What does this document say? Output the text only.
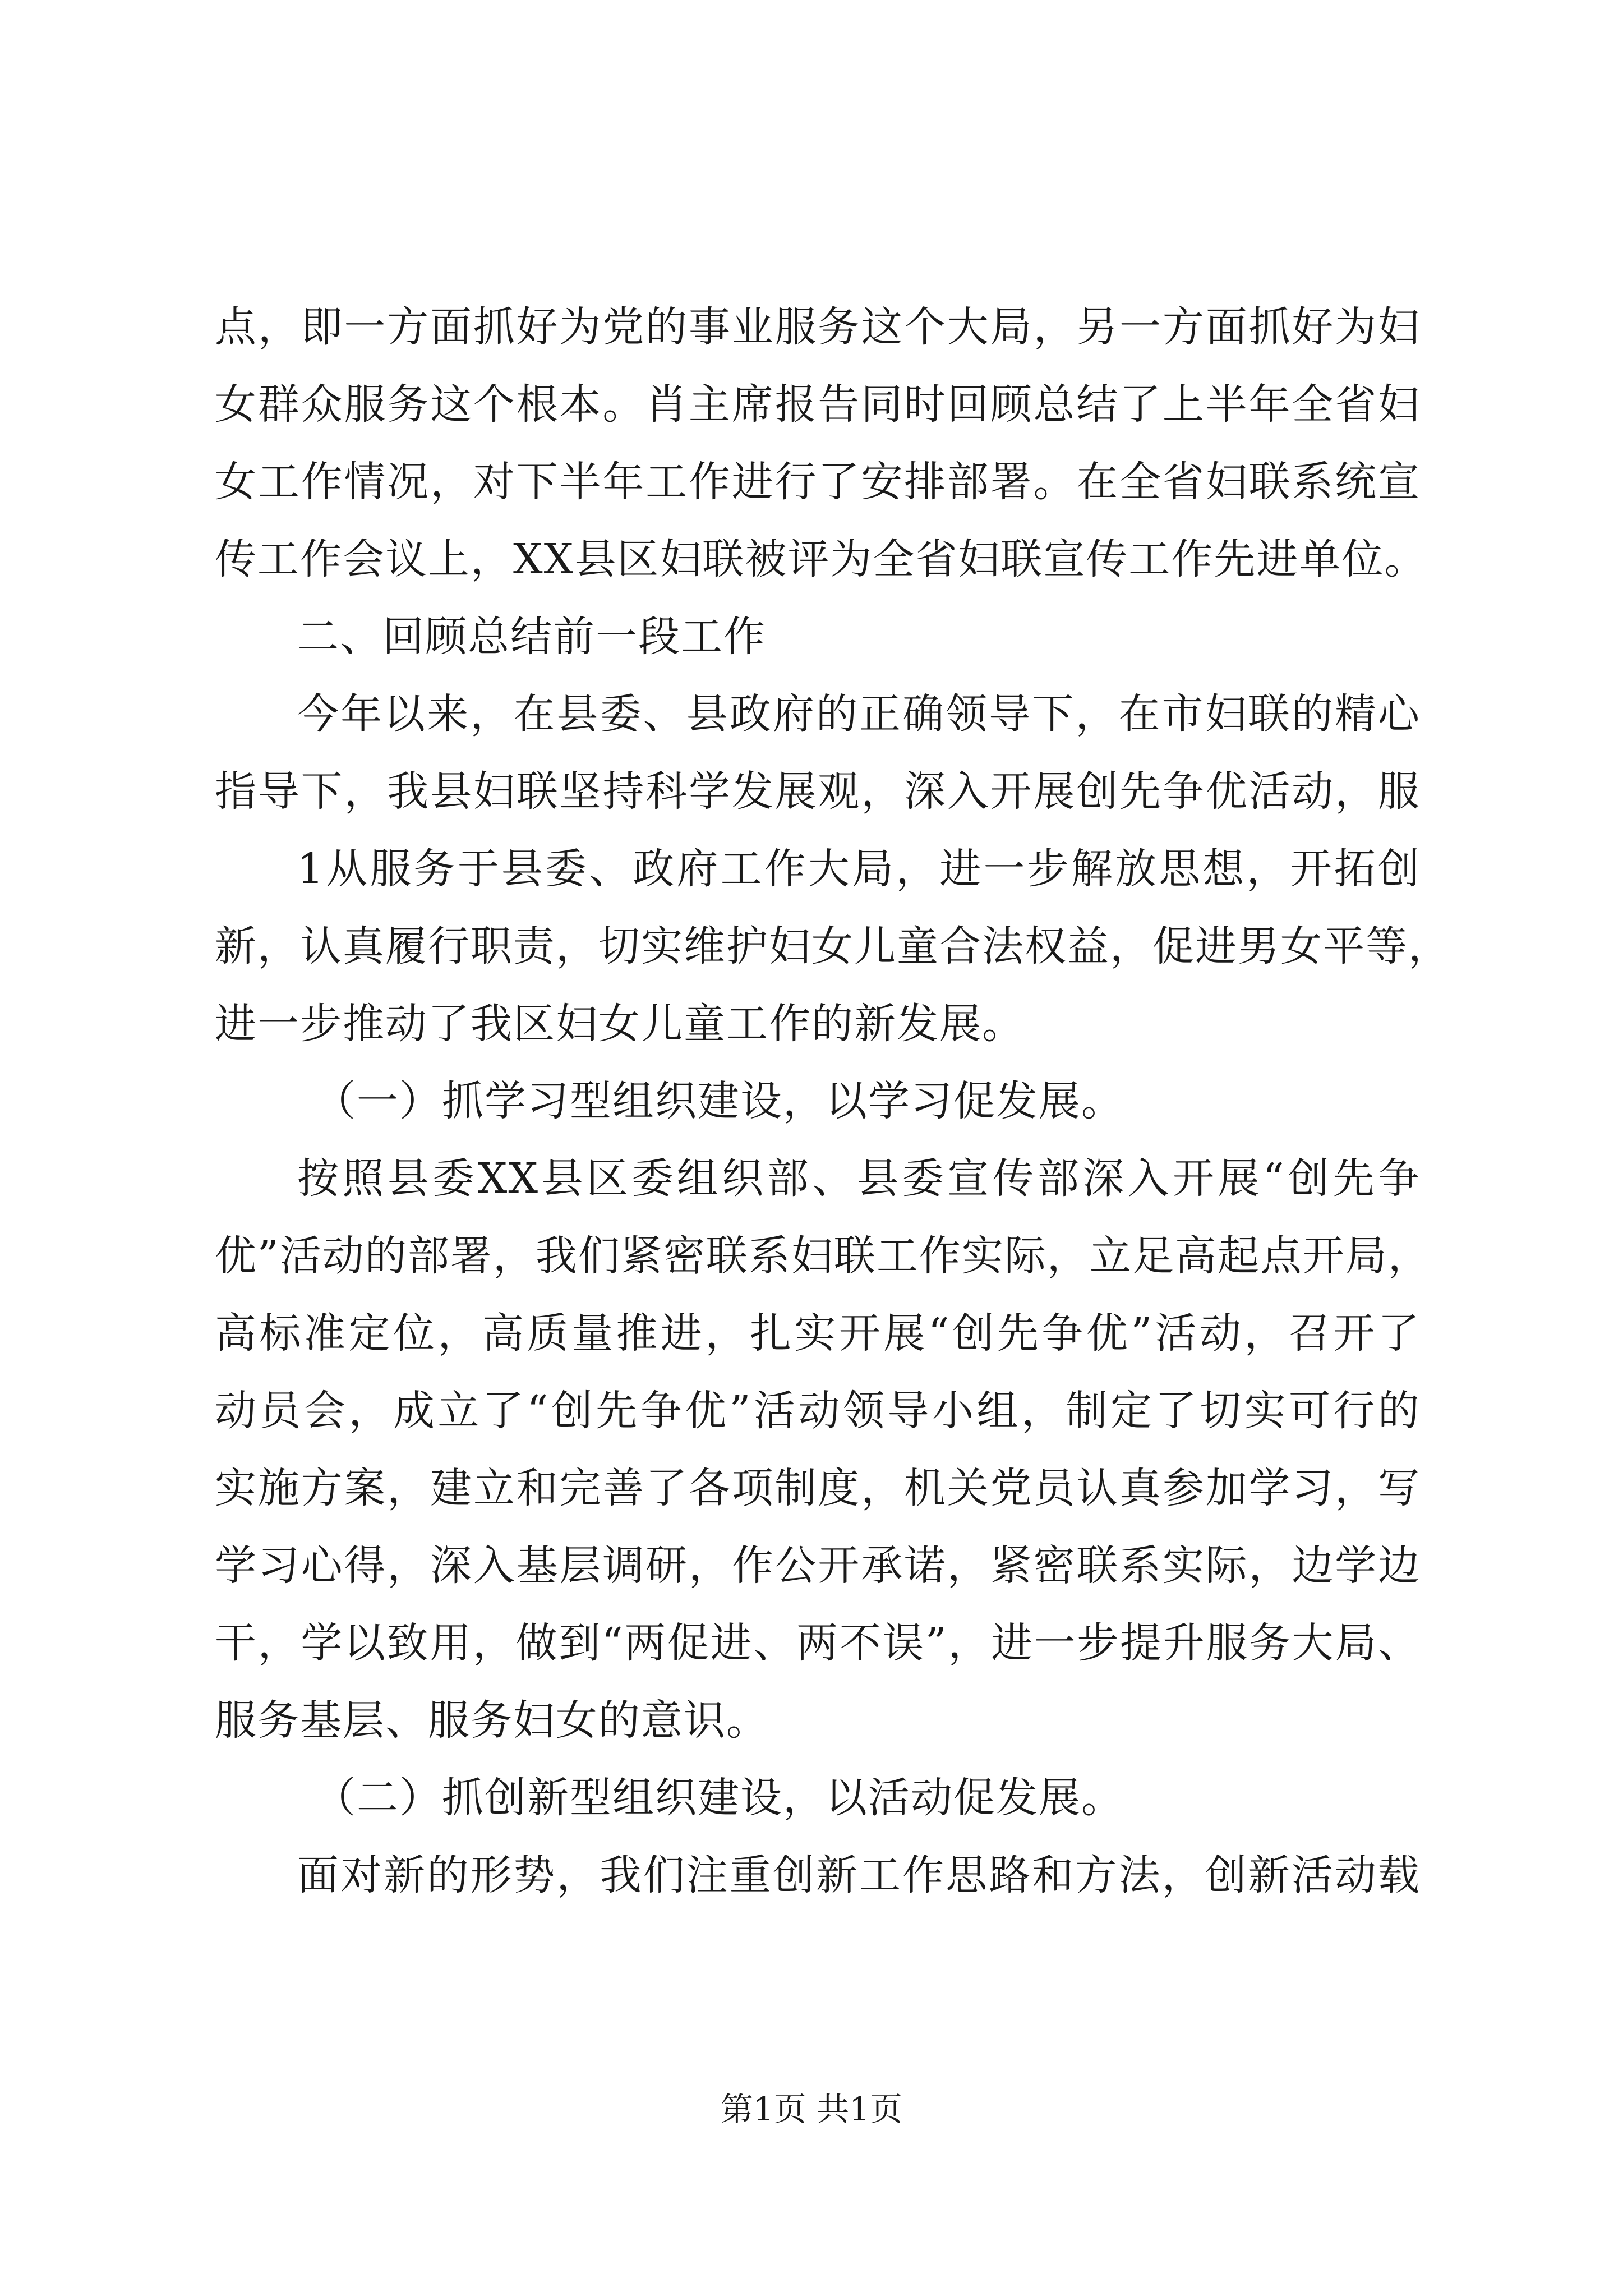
点，即一方面抓好为党的事业服务这个大局，另一方面抓好为妇
女群众服务这个根本。肖主席报告同时回顾总结了上半年全省妇
女工作情况，对下半年工作进行了安排部署。在全省妇联系统宣
传工作会议上，XX县区妇联被评为全省妇联宣传工作先进单位。
二、回顾总结前一段工作
今年以来，在县委、县政府的正确领导下，在市妇联的精心
指导下，我县妇联坚持科学发展观，深入开展创先争优活动，服
1从服务于县委、政府工作大局，进一步解放思想，开拓创
新，认真履行职责，切实维护妇女儿童合法权益，促进男女平等，
进一步推动了我区妇女儿童工作的新发展。
（一）抓学习型组织建设，以学习促发展。
按照县委XX县区委组织部、县委宣传部深入开展“创先争
优”活动的部署，我们紧密联系妇联工作实际，立足高起点开局，
高标准定位，高质量推进，扎实开展“创先争优”活动，召开了
动员会，成立了“创先争优”活动领导小组，制定了切实可行的
实施方案，建立和完善了各项制度，机关党员认真参加学习，写
学习心得，深入基层调研，作公开承诺，紧密联系实际，边学边
干，学以致用，做到“两促进、两不误”，进一步提升服务大局、
服务基层、服务妇女的意识。
（二）抓创新型组织建设，以活动促发展。
面对新的形势，我们注重创新工作思路和方法，创新活动载
第1页 共1页
